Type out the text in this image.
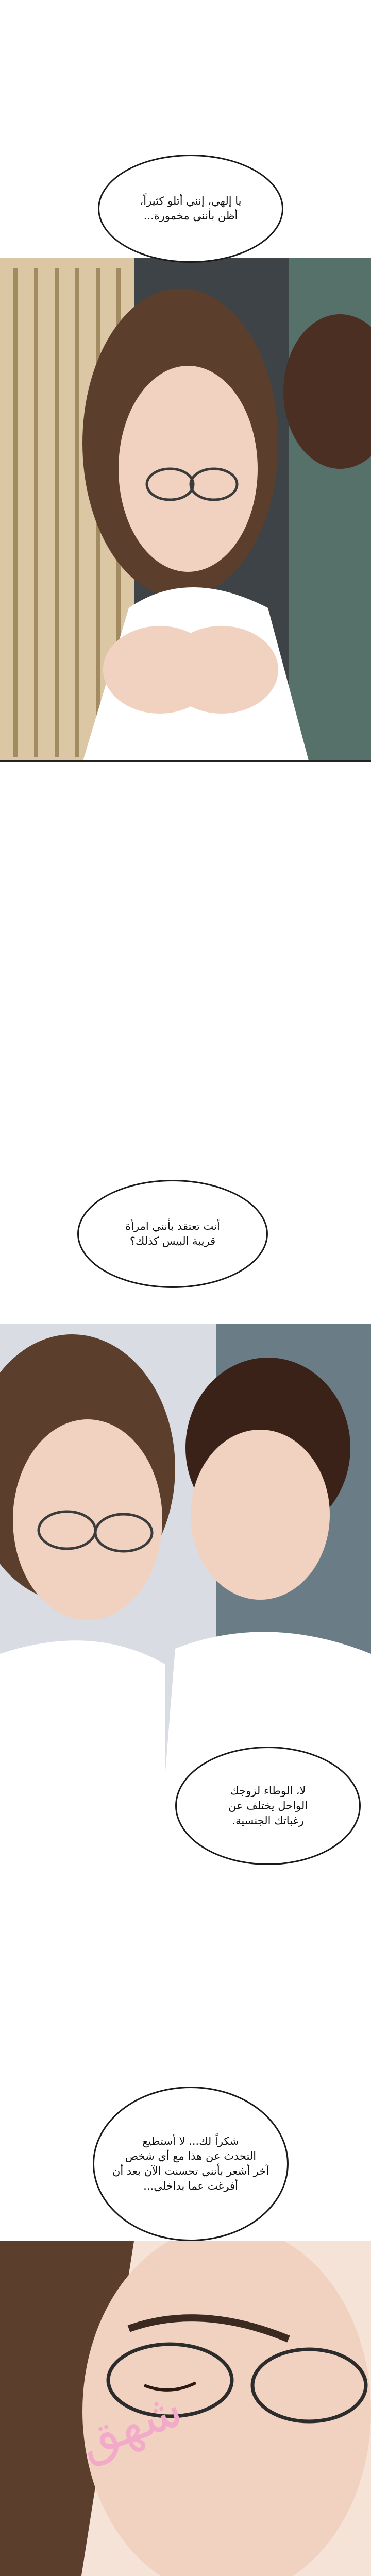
يا إلهي، إنني أتلو كثيراً،
أظن بأنني مخمورة...
أنت تعتقد بأنني امرأة
قريبة البيس كذلك؟
لا، الوطاء لزوجك
الواحل يختلف عن
رغباتك الجنسية.
شكراً لك... لا أستطيع
التحدث عن هذا مع أي شخص
آخر أشعر بأنني تحسنت الآن بعد أن
أفرغت عما بداخلي...
ﺷﻬﻖ
